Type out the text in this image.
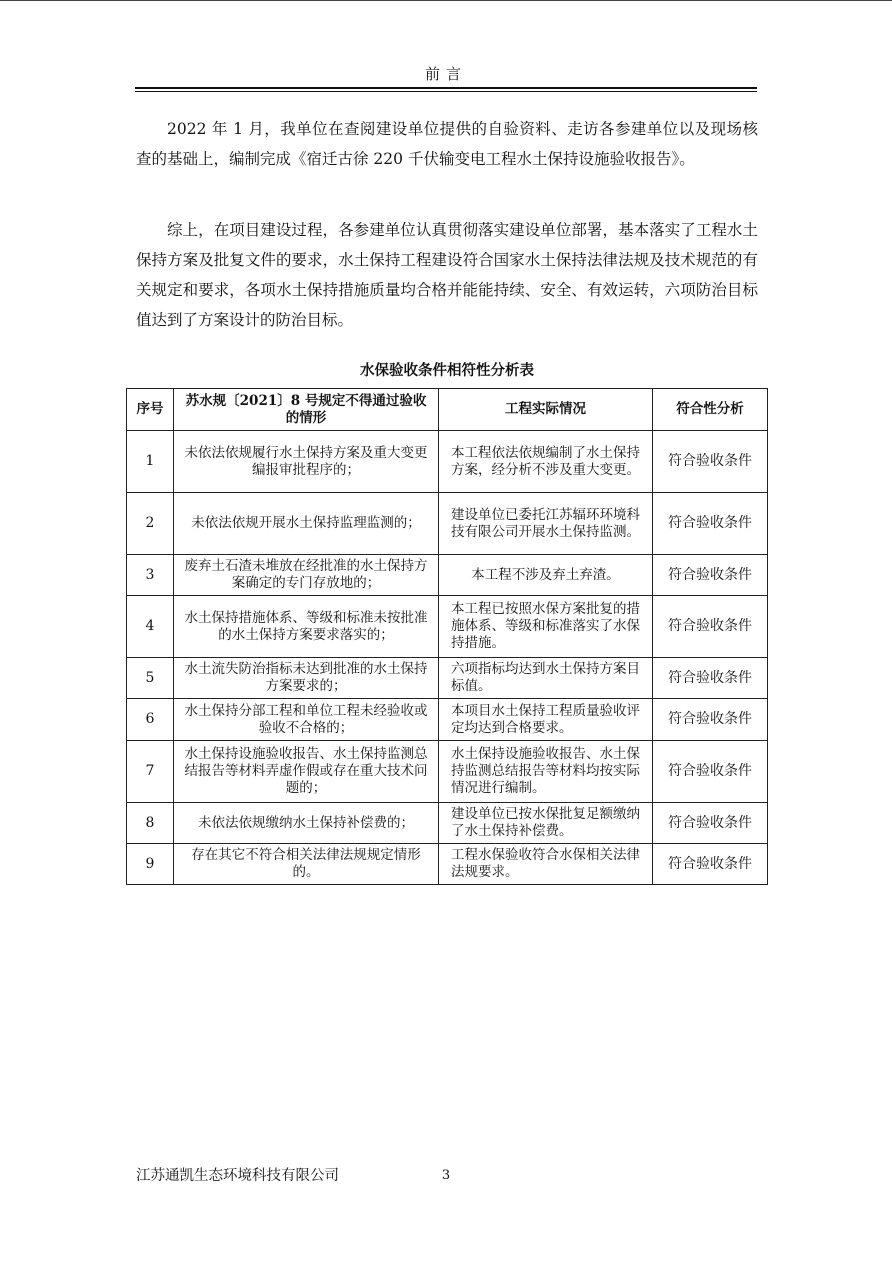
前言

2022 年 1 月，我单位在查阅建设单位提供的自验资料、走访各参建单位以及现场核查的基础上，编制完成《宿迁古徐 220 千伏输变电工程水土保持设施验收报告》。

综上，在项目建设过程，各参建单位认真贯彻落实建设单位部署，基本落实了工程水土保持方案及批复文件的要求，水土保持工程建设符合国家水土保持法律法规及技术规范的有关规定和要求，各项水土保持措施质量均合格并能能持续、安全、有效运转，六项防治目标值达到了方案设计的防治目标。

水保验收条件相符性分析表
序号	苏水规〔2021〕8 号规定不得通过验收的情形	工程实际情况	符合性分析
1	未依法依规履行水土保持方案及重大变更编报审批程序的；	本工程依法依规编制了水土保持方案，经分析不涉及重大变更。	符合验收条件
2	未依法依规开展水土保持监理监测的；	建设单位已委托江苏辐环环境科技有限公司开展水土保持监测。	符合验收条件
3	废弃土石渣未堆放在经批准的水土保持方案确定的专门存放地的；	本工程不涉及弃土弃渣。	符合验收条件
4	水土保持措施体系、等级和标准未按批准的水土保持方案要求落实的；	本工程已按照水保方案批复的措施体系、等级和标准落实了水保持措施。	符合验收条件
5	水土流失防治指标未达到批准的水土保持方案要求的；	六项指标均达到水土保持方案目标值。	符合验收条件
6	水土保持分部工程和单位工程未经验收或验收不合格的；	本项目水土保持工程质量验收评定均达到合格要求。	符合验收条件
7	水土保持设施验收报告、水土保持监测总结报告等材料弄虚作假或存在重大技术问题的；	水土保持设施验收报告、水土保持监测总结报告等材料均按实际情况进行编制。	符合验收条件
8	未依法依规缴纳水土保持补偿费的；	建设单位已按水保批复足额缴纳了水土保持补偿费。	符合验收条件
9	存在其它不符合相关法律法规规定情形的。	工程水保验收符合水保相关法律法规要求。	符合验收条件
江苏通凯生态环境科技有限公司	3
